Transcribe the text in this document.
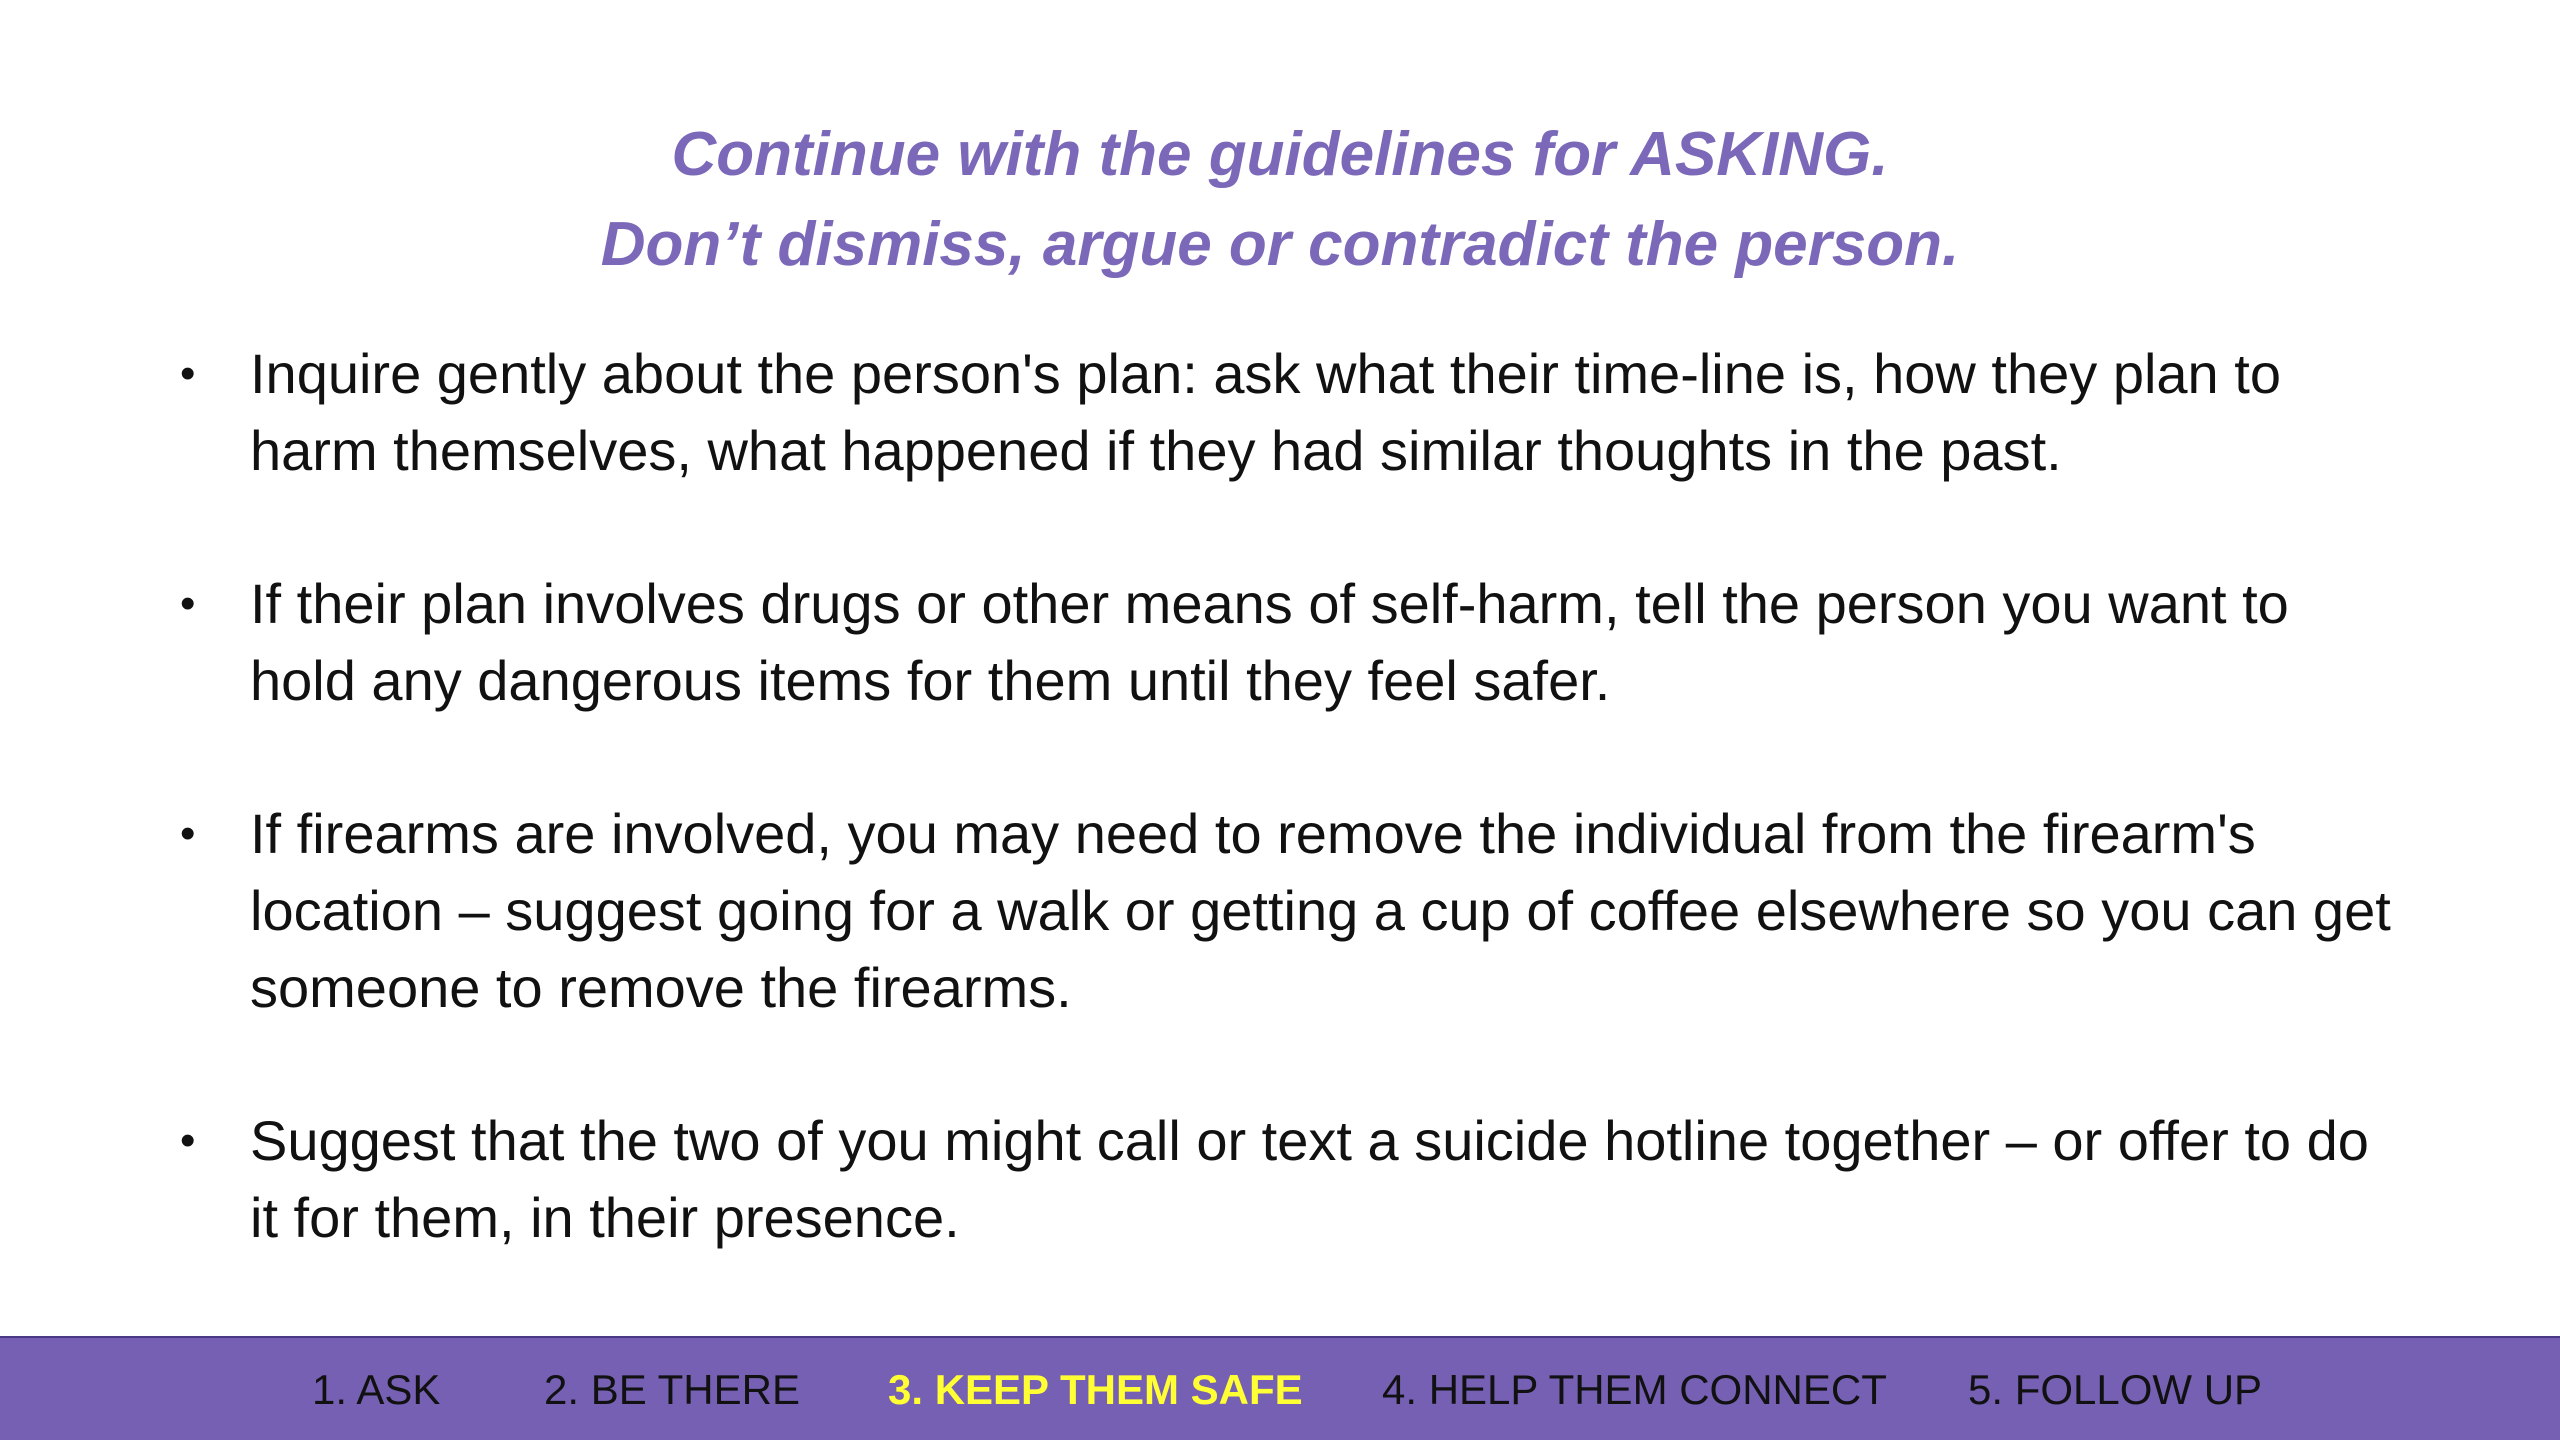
Continue with the guidelines for ASKING.
Don’t dismiss, argue or contradict the person.
• Inquire gently about the person's plan: ask what their time-line is, how they plan to harm themselves, what happened if they had similar thoughts in the past.
• If their plan involves drugs or other means of self-harm, tell the person you want to hold any dangerous items for them until they feel safer.
• If firearms are involved, you may need to remove the individual from the firearm's location – suggest going for a walk or getting a cup of coffee elsewhere so you can get someone to remove the firearms.
• Suggest that the two of you might call or text a suicide hotline together – or offer to do it for them, in their presence.
1. ASK 2. BE THERE 3. KEEP THEM SAFE 4. HELP THEM CONNECT 5. FOLLOW UP
